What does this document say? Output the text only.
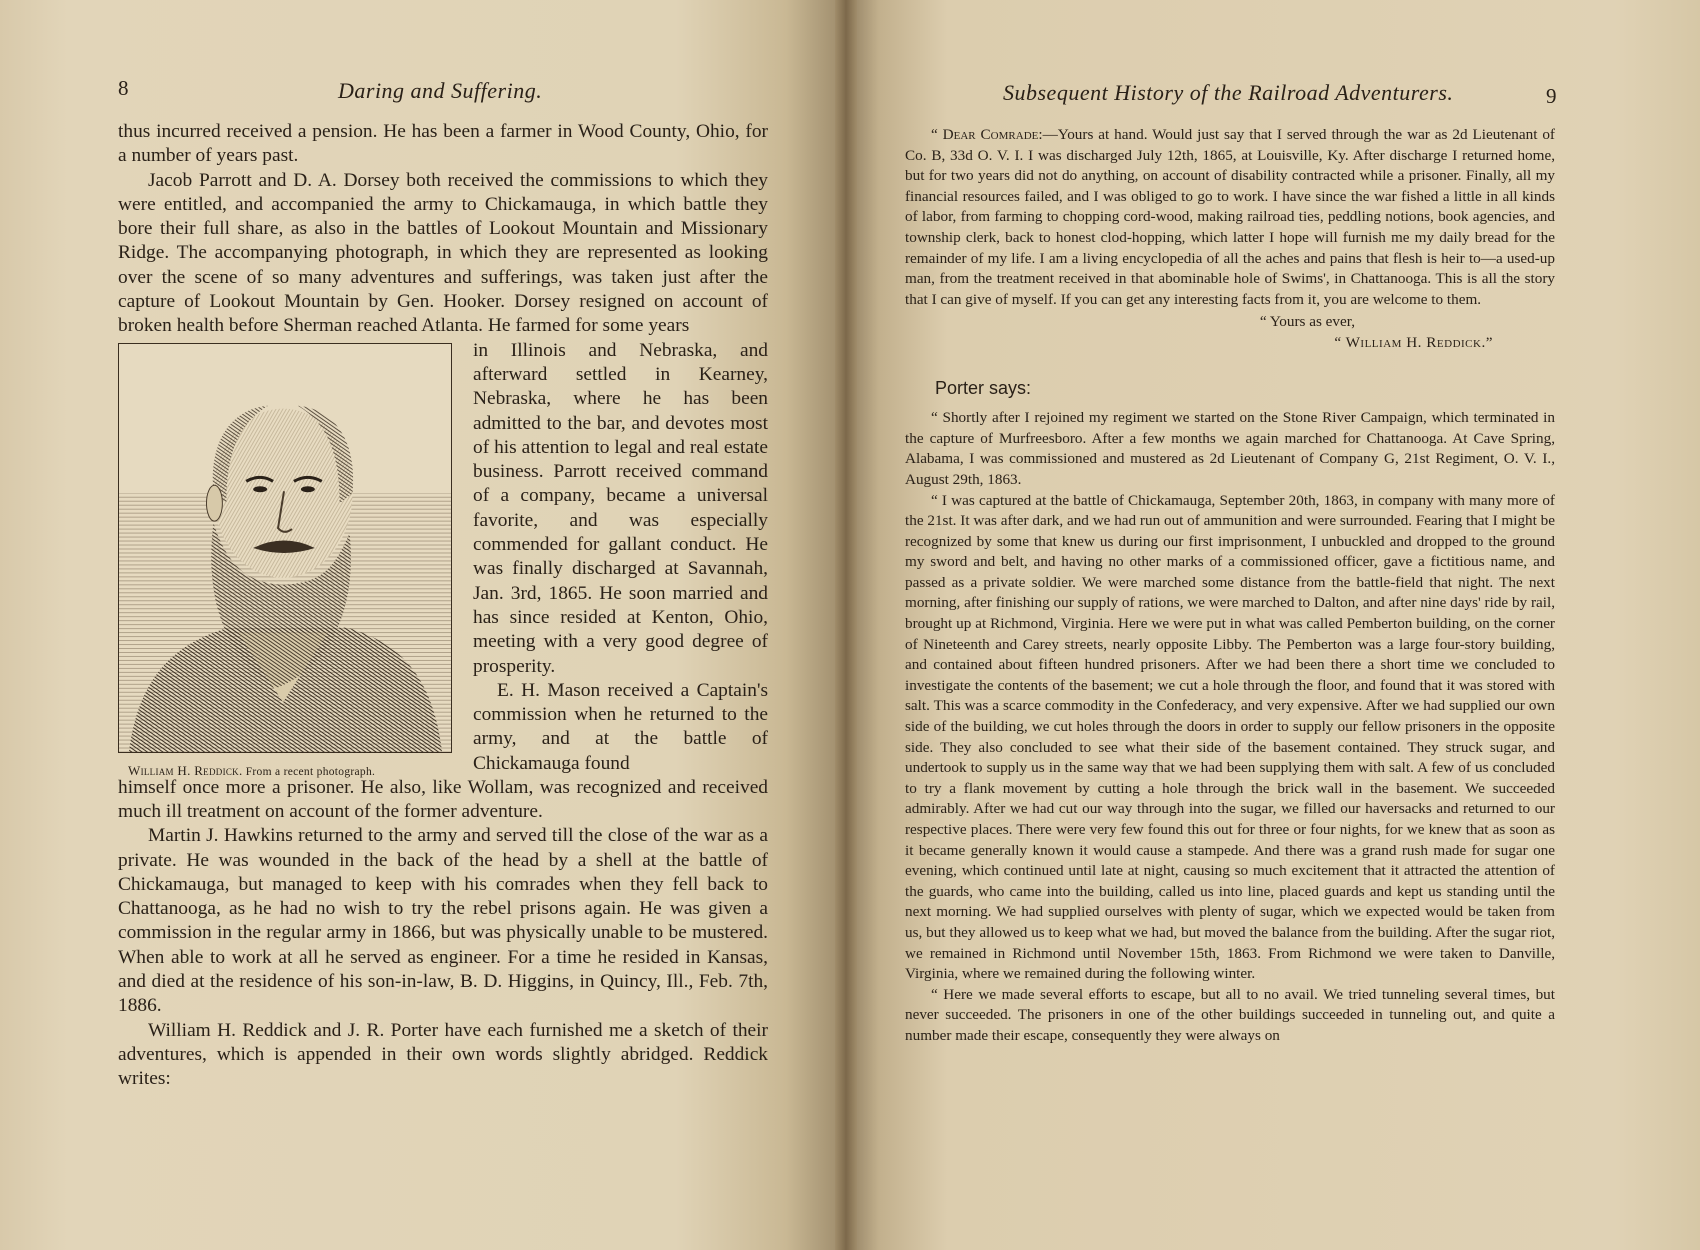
8	Daring and Suffering.

thus incurred received a pension. He has been a farmer in Wood County, Ohio, for a number of years past.

Jacob Parrott and D. A. Dorsey both received the commissions to which they were entitled, and accompanied the army to Chickamauga, in which battle they bore their full share, as also in the battles of Lookout Mountain and Missionary Ridge. The accompanying photograph, in which they are represented as looking over the scene of so many adventures and sufferings, was taken just after the capture of Lookout Mountain by Gen. Hooker. Dorsey resigned on account of broken health before Sherman reached Atlanta. He farmed for some years

William H. Reddick. From a recent photograph.

in Illinois and Nebraska, and afterward settled in Kearney, Nebraska, where he has been admitted to the bar, and devotes most of his attention to legal and real estate business. Parrott received command of a company, became a universal favorite, and was especially commended for gallant conduct. He was finally discharged at Savannah, Jan. 3rd, 1865. He soon married and has since resided at Kenton, Ohio, meeting with a very good degree of prosperity.

E. H. Mason received a Captain's commission when he returned to the army, and at the battle of Chickamauga found

himself once more a prisoner. He also, like Wollam, was recognized and received much ill treatment on account of the former adventure.

Martin J. Hawkins returned to the army and served till the close of the war as a private. He was wounded in the back of the head by a shell at the battle of Chickamauga, but managed to keep with his comrades when they fell back to Chattanooga, as he had no wish to try the rebel prisons again. He was given a commission in the regular army in 1866, but was physically unable to be mustered. When able to work at all he served as engineer. For a time he resided in Kansas, and died at the residence of his son-in-law, B. D. Higgins, in Quincy, Ill., Feb. 7th, 1886.

William H. Reddick and J. R. Porter have each furnished me a sketch of their adventures, which is appended in their own words slightly abridged. Reddick writes:

Subsequent History of the Railroad Adventurers.	9

“ Dear Comrade:—Yours at hand. Would just say that I served through the war as 2d Lieutenant of Co. B, 33d O. V. I. I was discharged July 12th, 1865, at Louisville, Ky. After discharge I returned home, but for two years did not do anything, on account of disability contracted while a prisoner. Finally, all my financial resources failed, and I was obliged to go to work. I have since the war fished a little in all kinds of labor, from farming to chopping cord-wood, making railroad ties, peddling notions, book agencies, and township clerk, back to honest clod-hopping, which latter I hope will furnish me my daily bread for the remainder of my life. I am a living encyclopedia of all the aches and pains that flesh is heir to—a used-up man, from the treatment received in that abominable hole of Swims', in Chattanooga. This is all the story that I can give of myself. If you can get any interesting facts from it, you are welcome to them.

“ Yours as ever,

“ William H. Reddick.”

Porter says:

“ Shortly after I rejoined my regiment we started on the Stone River Campaign, which terminated in the capture of Murfreesboro. After a few months we again marched for Chattanooga. At Cave Spring, Alabama, I was commissioned and mustered as 2d Lieutenant of Company G, 21st Regiment, O. V. I., August 29th, 1863.

“ I was captured at the battle of Chickamauga, September 20th, 1863, in company with many more of the 21st. It was after dark, and we had run out of ammunition and were surrounded. Fearing that I might be recognized by some that knew us during our first imprisonment, I unbuckled and dropped to the ground my sword and belt, and having no other marks of a commissioned officer, gave a fictitious name, and passed as a private soldier. We were marched some distance from the battle-field that night. The next morning, after finishing our supply of rations, we were marched to Dalton, and after nine days' ride by rail, brought up at Richmond, Virginia. Here we were put in what was called Pemberton building, on the corner of Nineteenth and Carey streets, nearly opposite Libby. The Pemberton was a large four-story building, and contained about fifteen hundred prisoners. After we had been there a short time we concluded to investigate the contents of the basement; we cut a hole through the floor, and found that it was stored with salt. This was a scarce commodity in the Confederacy, and very expensive. After we had supplied our own side of the building, we cut holes through the doors in order to supply our fellow prisoners in the opposite side. They also concluded to see what their side of the basement contained. They struck sugar, and undertook to supply us in the same way that we had been supplying them with salt. A few of us concluded to try a flank movement by cutting a hole through the brick wall in the basement. We succeeded admirably. After we had cut our way through into the sugar, we filled our haversacks and returned to our respective places. There were very few found this out for three or four nights, for we knew that as soon as it became generally known it would cause a stampede. And there was a grand rush made for sugar one evening, which continued until late at night, causing so much excitement that it attracted the attention of the guards, who came into the building, called us into line, placed guards and kept us standing until the next morning. We had supplied ourselves with plenty of sugar, which we expected would be taken from us, but they allowed us to keep what we had, but moved the balance from the building. After the sugar riot, we remained in Richmond until November 15th, 1863. From Richmond we were taken to Danville, Virginia, where we remained during the following winter.

“ Here we made several efforts to escape, but all to no avail. We tried tunneling several times, but never succeeded. The prisoners in one of the other buildings succeeded in tunneling out, and quite a number made their escape, consequently they were always on
